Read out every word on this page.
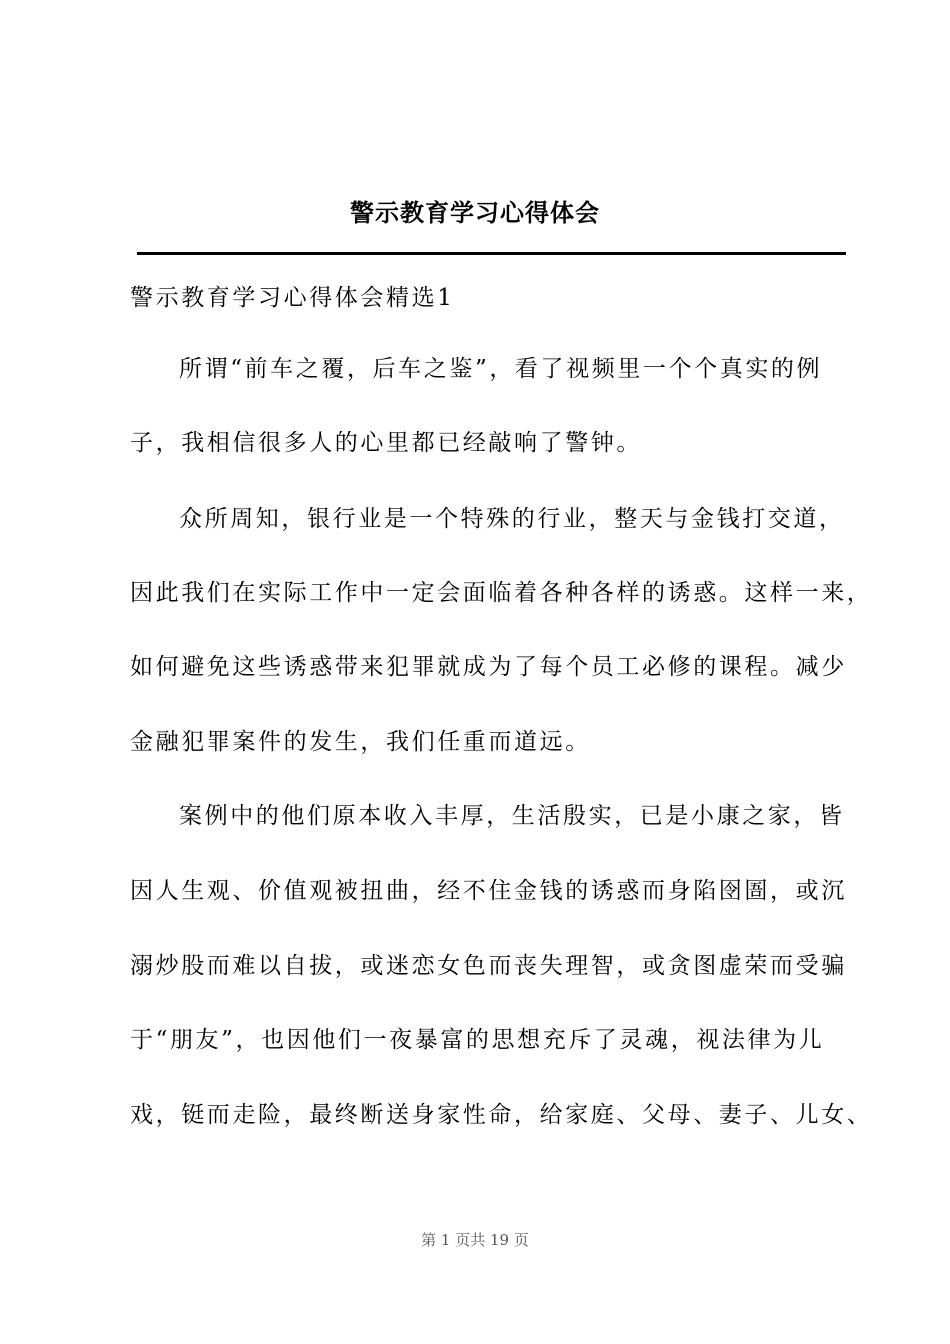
警示教育学习心得体会
警示教育学习心得体会精选1
所谓“前车之覆，后车之鉴”，看了视频里一个个真实的例
子，我相信很多人的心里都已经敲响了警钟。
众所周知，银行业是一个特殊的行业，整天与金钱打交道，
因此我们在实际工作中一定会面临着各种各样的诱惑。这样一来，
如何避免这些诱惑带来犯罪就成为了每个员工必修的课程。减少
金融犯罪案件的发生，我们任重而道远。
案例中的他们原本收入丰厚，生活殷实，已是小康之家，皆
因人生观、价值观被扭曲，经不住金钱的诱惑而身陷囹圄，或沉
溺炒股而难以自拔，或迷恋女色而丧失理智，或贪图虚荣而受骗
于“朋友”，也因他们一夜暴富的思想充斥了灵魂，视法律为儿
戏，铤而走险，最终断送身家性命，给家庭、父母、妻子、儿女、
第 1 页共 19 页
